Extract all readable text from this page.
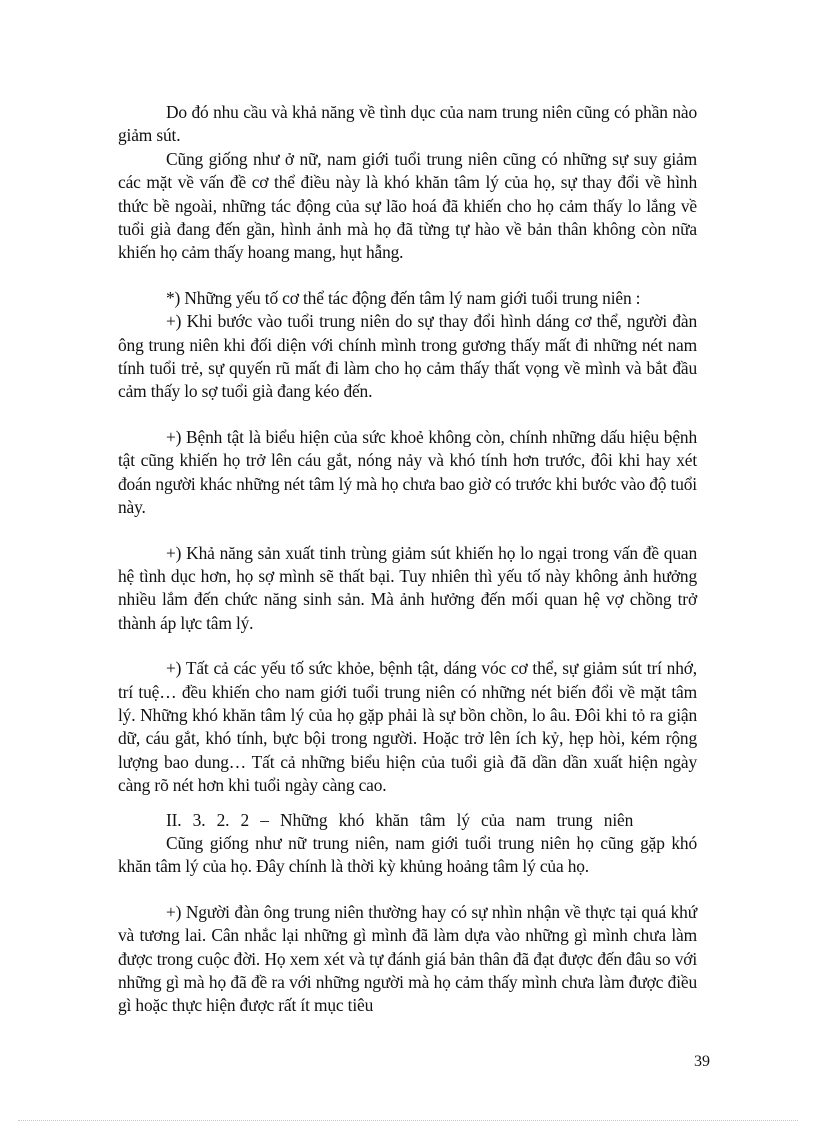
Do đó nhu cầu và khả năng về tình dục của nam trung niên cũng có phần nào giảm sút.

Cũng giống như ở nữ, nam giới tuổi trung niên cũng có những sự suy giảm các mặt về vấn đề cơ thể điều này là khó khăn tâm lý của họ, sự thay đổi về hình thức bề ngoài, những tác động của sự lão hoá đã khiến cho họ cảm thấy lo lắng về tuổi già đang đến gần, hình ảnh mà họ đã từng tự hào về bản thân không còn nữa khiến họ cảm thấy hoang mang, hụt hẫng.

*) Những yếu tố cơ thể tác động đến tâm lý nam giới tuổi trung niên :

+) Khi bước vào tuổi trung niên do sự thay đổi hình dáng cơ thể, người đàn ông trung niên khi đối diện với chính mình trong gương thấy mất đi những nét nam tính tuổi trẻ, sự quyến rũ mất đi làm cho họ cảm thấy thất vọng về mình và bắt đầu cảm thấy lo sợ tuổi già đang kéo đến.

+) Bệnh tật là biểu hiện của sức khoẻ không còn, chính những dấu hiệu bệnh tật cũng khiến họ trở lên cáu gắt, nóng nảy và khó tính hơn trước, đôi khi hay xét đoán người khác những nét tâm lý mà họ chưa bao giờ có trước khi bước vào độ tuổi này.

+) Khả năng sản xuất tinh trùng giảm sút khiến họ lo ngại trong vấn đề quan hệ tình dục hơn, họ sợ mình sẽ thất bại. Tuy nhiên thì yếu tố này không ảnh hưởng nhiều lắm đến chức năng sinh sản. Mà ảnh hưởng đến mối quan hệ vợ chồng trở thành áp lực tâm lý.

+) Tất cả các yếu tố sức khỏe, bệnh tật, dáng vóc cơ thể, sự giảm sút trí nhớ, trí tuệ… đều khiến cho nam giới tuổi trung niên có những nét biến đổi về mặt tâm lý. Những khó khăn tâm lý của họ gặp phải là sự bồn chồn, lo âu. Đôi khi tỏ ra giận dữ, cáu gắt, khó tính, bực bội trong người. Hoặc trở lên ích kỷ, hẹp hòi, kém rộng lượng bao dung… Tất cả những biểu hiện của tuổi già đã dần dần xuất hiện ngày càng rõ nét hơn khi tuổi ngày càng cao.

II. 3. 2. 2 – Những khó khăn tâm lý của nam trung niên

Cũng giống như nữ trung niên, nam giới tuổi trung niên họ cũng gặp khó khăn tâm lý của họ. Đây chính là thời kỳ khủng hoảng tâm lý của họ.

+) Người đàn ông trung niên thường hay có sự nhìn nhận về thực tại quá khứ và tương lai. Cân nhắc lại những gì mình đã làm dựa vào những gì mình chưa làm được trong cuộc đời. Họ xem xét và tự đánh giá bản thân đã đạt được đến đâu so với những gì mà họ đã đề ra với những người mà họ cảm thấy mình chưa làm được điều gì hoặc thực hiện được rất ít mục tiêu

39
